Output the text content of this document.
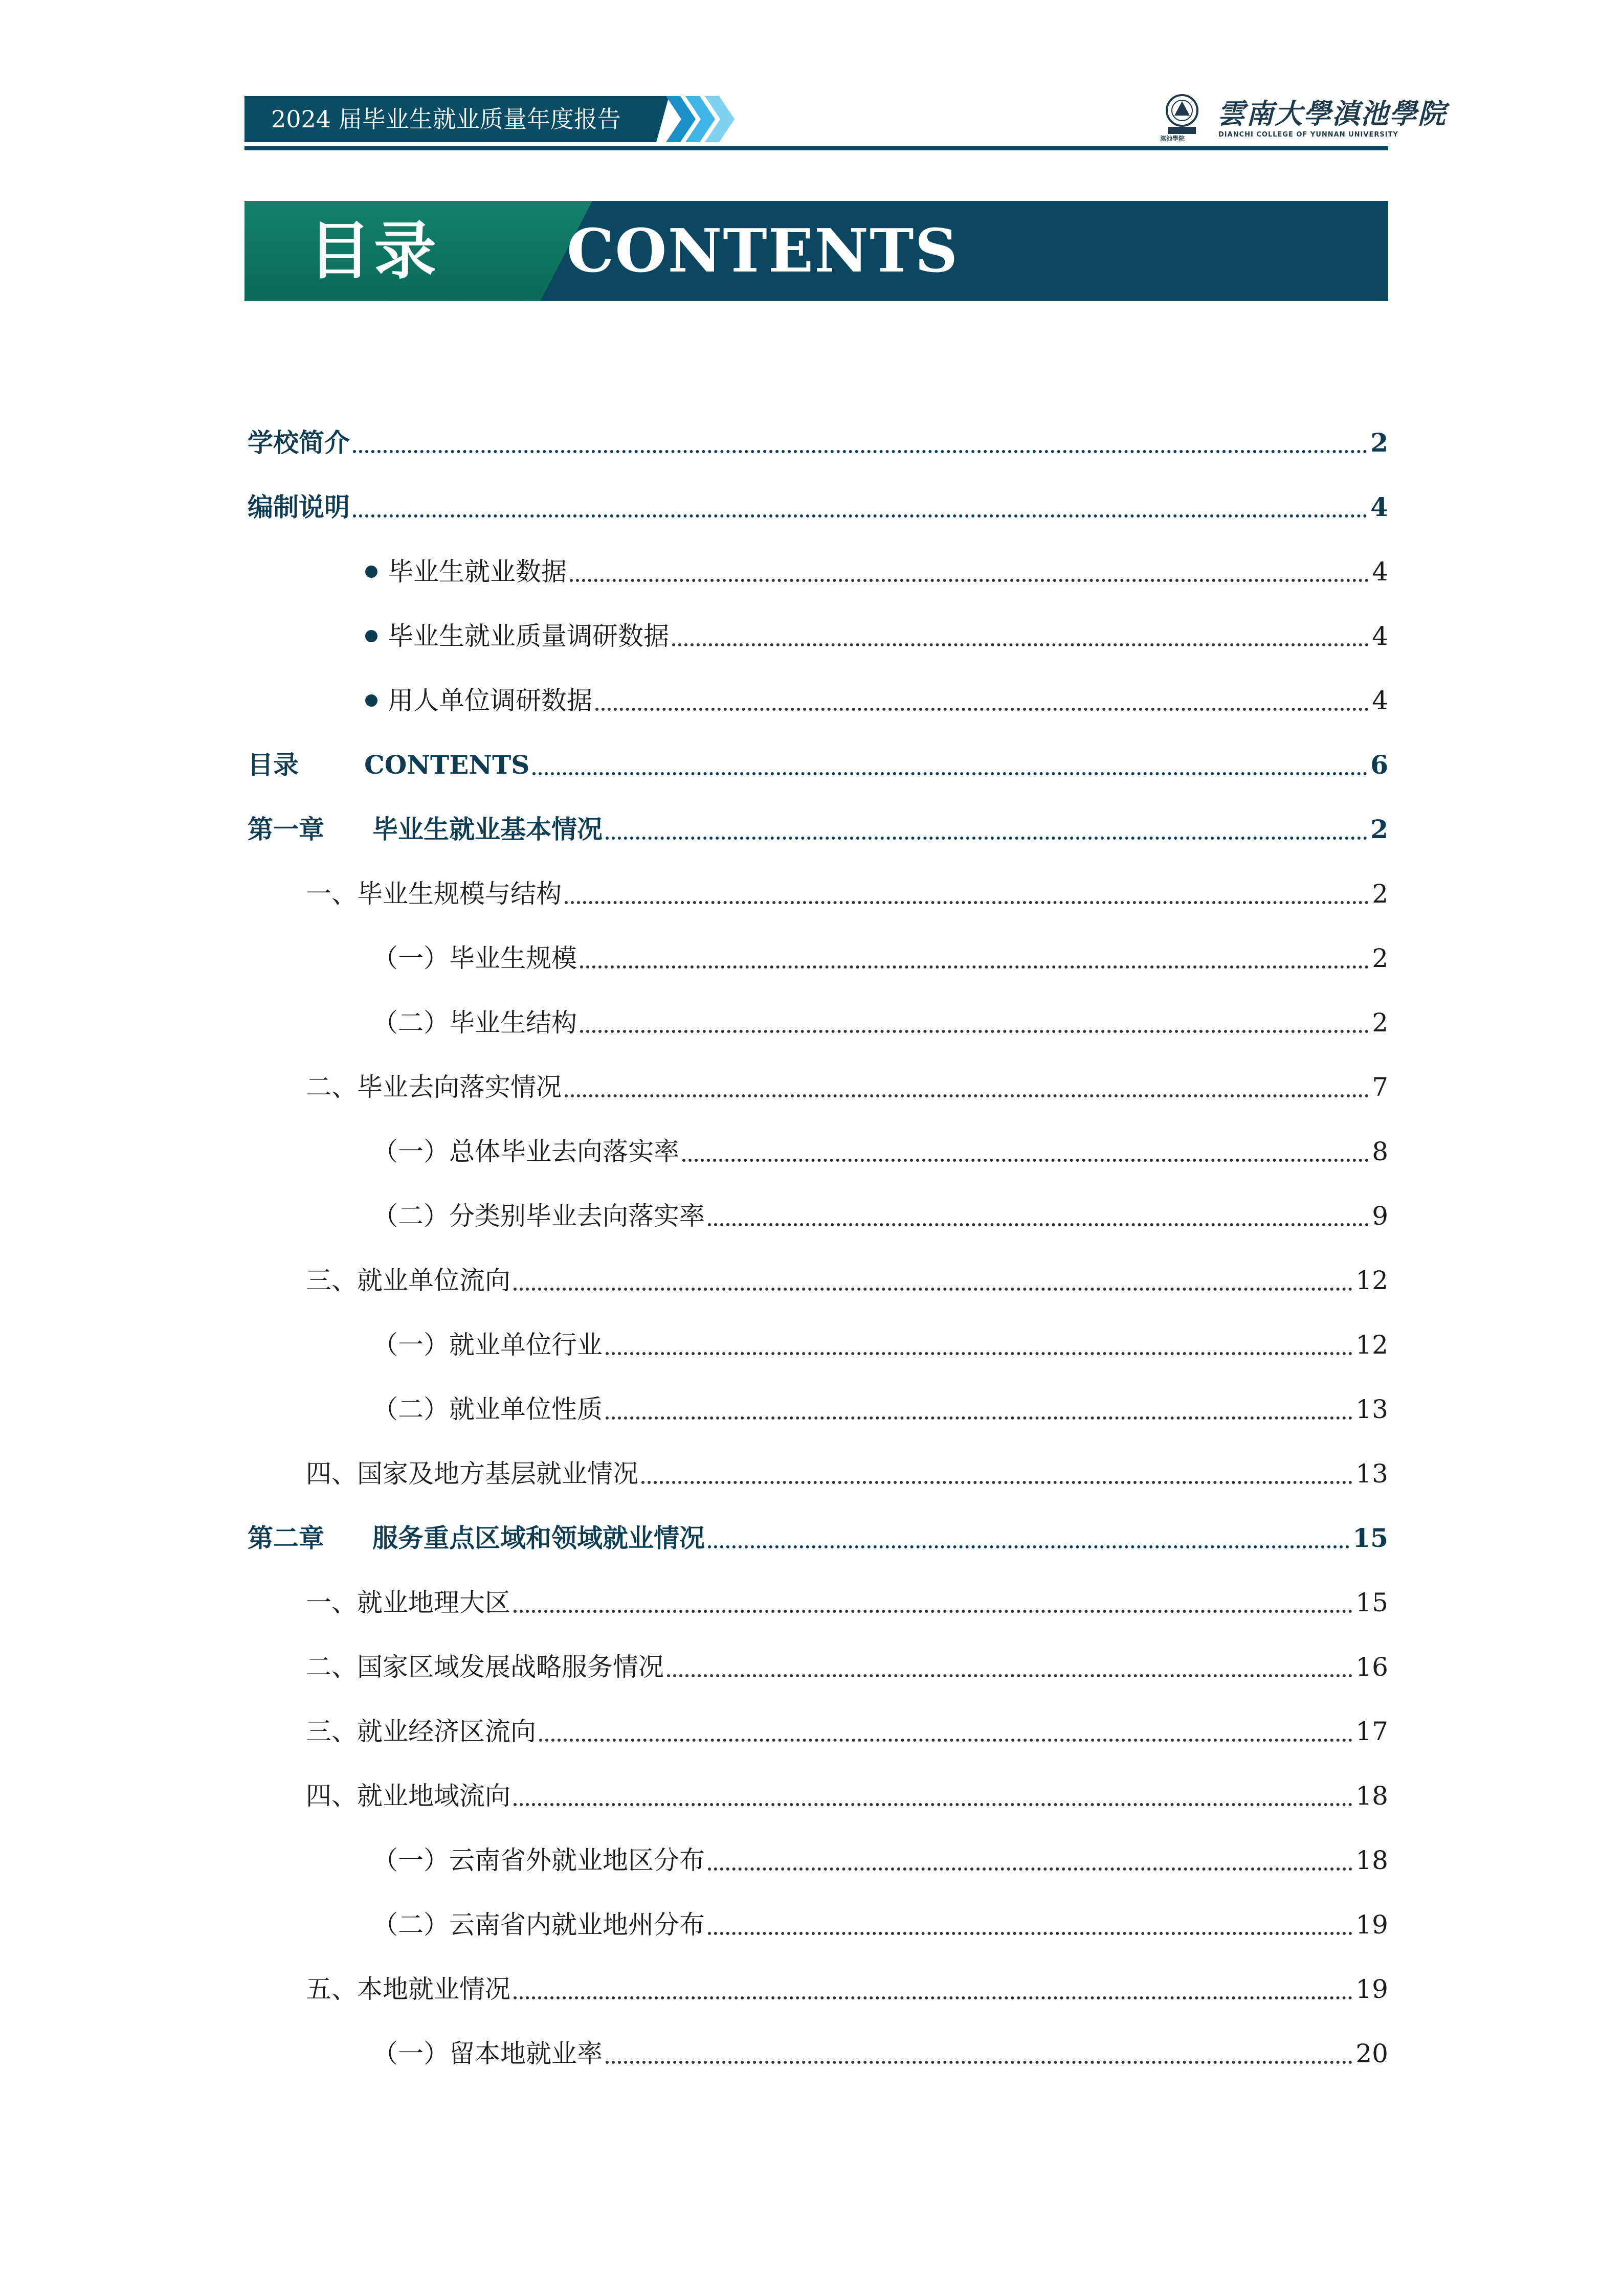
2024 届毕业生就业质量年度报告	雲南大學滇池學院
DIANCHI COLLEGE OF YUNNAN UNIVERSITY
滇池學院
目录 CONTENTS
学校简介	2
编制说明	4
毕业生就业数据	4
毕业生就业质量调研数据	4
用人单位调研数据	4
目录	CONTENTS	6
第一章 毕业生就业基本情况	2
一、毕业生规模与结构	2
（一）毕业生规模	2
（二）毕业生结构	2
二、毕业去向落实情况	7
（一）总体毕业去向落实率	8
（二）分类别毕业去向落实率	9
三、就业单位流向	12
（一）就业单位行业	12
（二）就业单位性质	13
四、国家及地方基层就业情况	13
第二章 服务重点区域和领域就业情况	15
一、就业地理大区	15
二、国家区域发展战略服务情况	16
三、就业经济区流向	17
四、就业地域流向	18
（一）云南省外就业地区分布	18
（二）云南省内就业地州分布	19
五、本地就业情况	19
（一）留本地就业率	20
